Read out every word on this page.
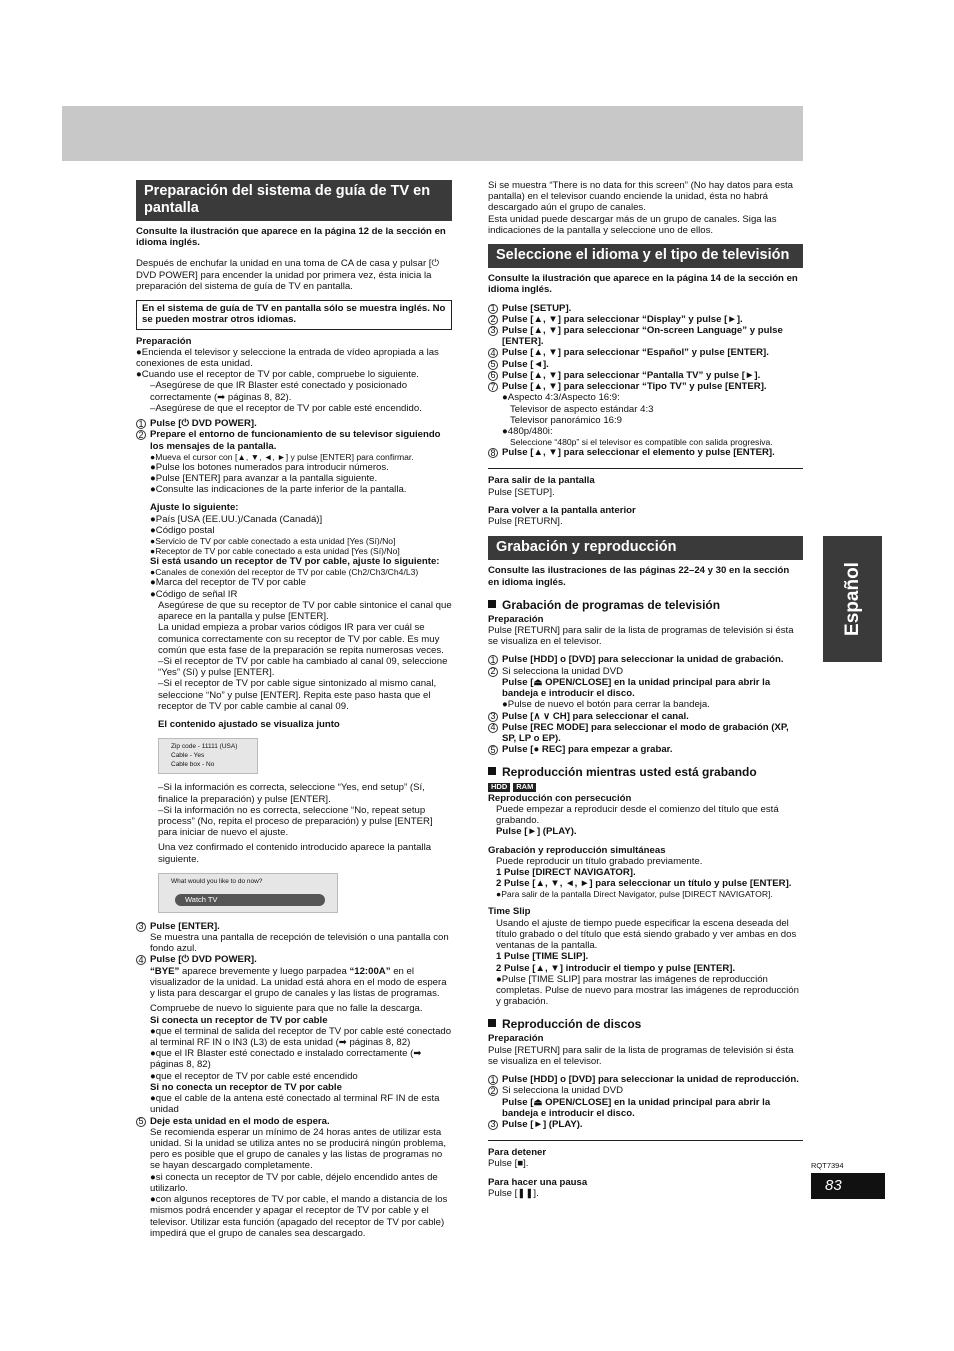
Preparación del sistema de guía de TV en pantalla

Consulte la ilustración que aparece en la página 12 de la sección en idioma inglés.

Después de enchufar la unidad en una toma de CA de casa y pulsar [⏻ DVD POWER] para encender la unidad por primera vez, ésta inicia la preparación del sistema de guía de TV en pantalla.

En el sistema de guía de TV en pantalla sólo se muestra inglés. No se pueden mostrar otros idiomas.

Preparación

●Encienda el televisor y seleccione la entrada de vídeo apropiada a las conexiones de esta unidad.

●Cuando use el receptor de TV por cable, compruebe lo siguiente.

–Asegúrese de que IR Blaster esté conectado y posicionado correctamente (➡ páginas 8, 82).

–Asegúrese de que el receptor de TV por cable esté encendido.

1 Pulse [⏻ DVD POWER].
2 Prepare el entorno de funcionamiento de su televisor siguiendo los mensajes de la pantalla.

●Mueva el cursor con [▲, ▼, ◄, ►] y pulse [ENTER] para confirmar.

●Pulse los botones numerados para introducir números.

●Pulse [ENTER] para avanzar a la pantalla siguiente.

●Consulte las indicaciones de la parte inferior de la pantalla.

Ajuste lo siguiente:

●País [USA (EE.UU.)/Canada (Canadá)]

●Código postal

●Servicio de TV por cable conectado a esta unidad [Yes (Sí)/No]

●Receptor de TV por cable conectado a esta unidad [Yes (Sí)/No]

Si está usando un receptor de TV por cable, ajuste lo siguiente:

●Canales de conexión del receptor de TV por cable (Ch2/Ch3/Ch4/L3)

●Marca del receptor de TV por cable

●Código de señal IR

Asegúrese de que su receptor de TV por cable sintonice el canal que aparece en la pantalla y pulse [ENTER].

La unidad empieza a probar varios códigos IR para ver cuál se comunica correctamente con su receptor de TV por cable. Es muy común que esta fase de la preparación se repita numerosas veces.

–Si el receptor de TV por cable ha cambiado al canal 09, seleccione “Yes” (Sí) y pulse [ENTER].

–Si el receptor de TV por cable sigue sintonizado al mismo canal, seleccione “No” y pulse [ENTER]. Repita este paso hasta que el receptor de TV por cable cambie al canal 09.

El contenido ajustado se visualiza junto

Zip code - 11111 (USA)
Cable - Yes
Cable box - No

–Si la información es correcta, seleccione “Yes, end setup” (Sí, finalice la preparación) y pulse [ENTER].

–Si la información no es correcta, seleccione “No, repeat setup process” (No, repita el proceso de preparación) y pulse [ENTER] para iniciar de nuevo el ajuste.

Una vez confirmado el contenido introducido aparece la pantalla siguiente.

What would you like to do now?
Watch TV
3 Pulse [ENTER].

Se muestra una pantalla de recepción de televisión o una pantalla con fondo azul.

4 Pulse [⏻ DVD POWER].

“BYE” aparece brevemente y luego parpadea “12:00A” en el visualizador de la unidad. La unidad está ahora en el modo de espera y lista para descargar el grupo de canales y las listas de programas.

Compruebe de nuevo lo siguiente para que no falle la descarga.

Si conecta un receptor de TV por cable

●que el terminal de salida del receptor de TV por cable esté conectado al terminal RF IN o IN3 (L3) de esta unidad (➡ páginas 8, 82)

●que el IR Blaster esté conectado e instalado correctamente (➡ páginas 8, 82)

●que el receptor de TV por cable esté encendido

Si no conecta un receptor de TV por cable

●que el cable de la antena esté conectado al terminal RF IN de esta unidad

5 Deje esta unidad en el modo de espera.

Se recomienda esperar un mínimo de 24 horas antes de utilizar esta unidad. Si la unidad se utiliza antes no se producirá ningún problema, pero es posible que el grupo de canales y las listas de programas no se hayan descargado completamente.

●si conecta un receptor de TV por cable, déjelo encendido antes de utilizarlo.

●con algunos receptores de TV por cable, el mando a distancia de los mismos podrá encender y apagar el receptor de TV por cable y el televisor. Utilizar esta función (apagado del receptor de TV por cable) impedirá que el grupo de canales sea descargado.

Si se muestra “There is no data for this screen” (No hay datos para esta pantalla) en el televisor cuando enciende la unidad, ésta no habrá descargado aún el grupo de canales.

Esta unidad puede descargar más de un grupo de canales. Siga las indicaciones de la pantalla y seleccione uno de ellos.

Seleccione el idioma y el tipo de televisión

Consulte la ilustración que aparece en la página 14 de la sección en idioma inglés.

1 Pulse [SETUP].
2 Pulse [▲, ▼] para seleccionar “Display” y pulse [►].
3 Pulse [▲, ▼] para seleccionar “On-screen Language” y pulse [ENTER].
4 Pulse [▲, ▼] para seleccionar “Español” y pulse [ENTER].
5 Pulse [◄].
6 Pulse [▲, ▼] para seleccionar “Pantalla TV” y pulse [►].
7 Pulse [▲, ▼] para seleccionar “Tipo TV” y pulse [ENTER].

●Aspecto 4:3/Aspecto 16:9:

Televisor de aspecto estándar 4:3

Televisor panorámico 16:9

●480p/480i:

Seleccione “480p” si el televisor es compatible con salida progresiva.

8 Pulse [▲, ▼] para seleccionar el elemento y pulse [ENTER].

Para salir de la pantalla

Pulse [SETUP].

Para volver a la pantalla anterior

Pulse [RETURN].

Grabación y reproducción

Consulte las ilustraciones de las páginas 22–24 y 30 en la sección en idioma inglés.

Grabación de programas de televisión

Preparación

Pulse [RETURN] para salir de la lista de programas de televisión si ésta se visualiza en el televisor.

1 Pulse [HDD] o [DVD] para seleccionar la unidad de grabación.
2 Si selecciona la unidad DVD

Pulse [⏏ OPEN/CLOSE] en la unidad principal para abrir la bandeja e introducir el disco.

●Pulse de nuevo el botón para cerrar la bandeja.

3 Pulse [∧ ∨ CH] para seleccionar el canal.
4 Pulse [REC MODE] para seleccionar el modo de grabación (XP, SP, LP o EP).
5 Pulse [● REC] para empezar a grabar.
Reproducción mientras usted está grabando

HDD RAM

Reproducción con persecución

Puede empezar a reproducir desde el comienzo del título que está grabando.

Pulse [►] (PLAY).

Grabación y reproducción simultáneas

Puede reproducir un título grabado previamente.

1 Pulse [DIRECT NAVIGATOR].

2 Pulse [▲, ▼, ◄, ►] para seleccionar un título y pulse [ENTER].

●Para salir de la pantalla Direct Navigator, pulse [DIRECT NAVIGATOR].

Time Slip

Usando el ajuste de tiempo puede especificar la escena deseada del título grabado o del título que está siendo grabado y ver ambas en dos ventanas de la pantalla.

1 Pulse [TIME SLIP].

2 Pulse [▲, ▼] introducir el tiempo y pulse [ENTER].

●Pulse [TIME SLIP] para mostrar las imágenes de reproducción completas. Pulse de nuevo para mostrar las imágenes de reproducción y grabación.

Reproducción de discos

Preparación

Pulse [RETURN] para salir de la lista de programas de televisión si ésta se visualiza en el televisor.

1 Pulse [HDD] o [DVD] para seleccionar la unidad de reproducción.
2 Si selecciona la unidad DVD

Pulse [⏏ OPEN/CLOSE] en la unidad principal para abrir la bandeja e introducir el disco.

3 Pulse [►] (PLAY).

Para detener

Pulse [■].

Para hacer una pausa

Pulse [❚❚].

Español
RQT7394
83
